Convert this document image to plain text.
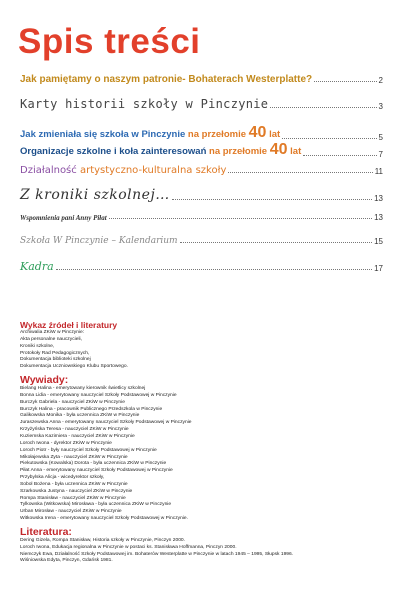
Spis treści
Jak pamiętamy o naszym patronie- Bohaterach Westerplatte?	2
Karty historii szkoły w Pinczynie	3
Jak zmieniała się szkoła w Pinczynie na przełomie 40 lat	5
Organizacje szkolne i koła zainteresowań na przełomie 40 lat	7
Działalność artystyczno-kulturalna szkoły	11
Z kroniki szkolnej…	13
Wspomnienia pani Anny Piłat	13
Szkoła W Pinczynie – Kalendarium	15
Kadra	17

Wykaz źródeł i literatury

Archiwalia ZKiW w Pinczynie:

Akta personalne nauczycieli,

Kroniki szkolne,

Protokoły Rad Pedagogicznych,

Dokumentacja biblioteki szkolnej

Dokumentacja Uczniowskiego Klubu Sportowego.

Wywiady:

Bielang Halina - emerytowany kierownik świetlicy szkolnej

Bonna Lidia - emerytowany nauczyciel Szkoły Podstawowej w Pinczynie

Burczyk Gabriela - nauczyciel ZKiW w Pinczynie

Burczyk Halina - pracownik Publicznego Przedszkola w Pinczynie

Galikowska Monika - była uczennica ZKiW w Pinczynie

Juraszewska Anna - emerytowany nauczyciel Szkoły Podstawowej w Pinczynie

Krzyżyńska Teresa - nauczyciel ZKiW w Pinczynie

Kuziemska Kazimiera - nauczyciel ZKiW w Pinczynie

Loroch Iwona - dyrektor ZKiW w Pinczynie

Lorоch Piotr - były nauczyciel Szkoły Podstawowej w Pinczynie

Mikołajewska Zyta - nauczyciel ZKiW w Pinczynie

Piekutowska (Kowalska) Dorota - była uczennica ZKiW w Pinczynie

Piłat Anna - emerytowany nauczyciel Szkoły Podstawowej w Pinczynie

Przybylska Alicja - wicedyrektor szkoły,

Sobol Bożena - była uczennica ZKiW w Pinczynie

Szarkowska Justyna - nauczyciel ZKiW w Pinczynie

Rompa Stanisław - nauczyciel ZKiW w Pinczynie

Tylkowska (Witkowska) Mirosława - była uczennica ZKiW w Pinczynie

Urban Mirosław - nauczyciel ZKiW w Pinczynie

Witkowska Irena - emerytowany nauczyciel Szkoły Podstawowej w Pinczynie.

Literatura:

Dering Gizela, Rompa Stanisław, Historia szkoły w Pinczynie, Pinczyn 2000.

Lorоch Iwona, Edukacja regionalna w Pinczynie w postaci ks. Stanisława Hoffmanna, Pinczyn 2000.

Niemczyk Ewa, Działalność Szkoły Podstawowej im. Bohaterów Westerplatte w Pinczynie w latach 1945 – 1995, Słupsk 1996.

Wiśniowska Edyta, Pinczyn, Gdańsk 1981.
